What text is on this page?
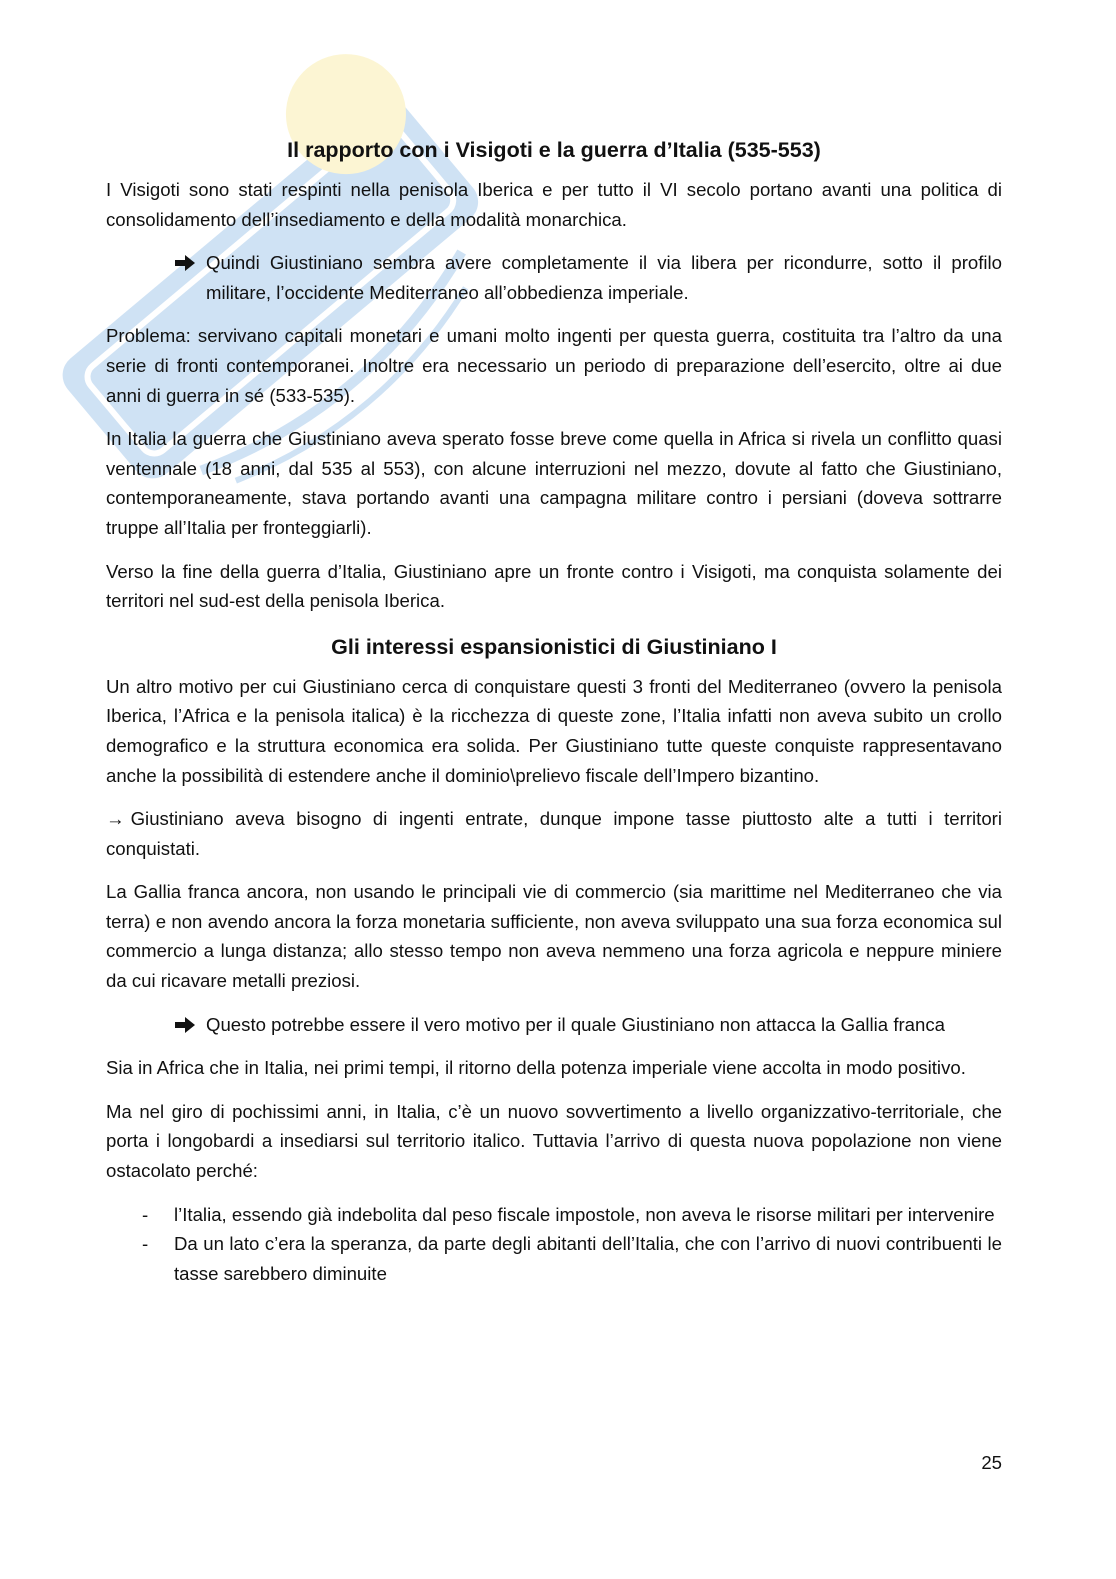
Il rapporto con i Visigoti e la guerra d’Italia (535-553)

I Visigoti sono stati respinti nella penisola Iberica e per tutto il VI secolo portano avanti una politica di consolidamento dell’insediamento e della modalità monarchica.

Quindi Giustiniano sembra avere completamente il via libera per ricondurre, sotto il profilo militare, l’occidente Mediterraneo all’obbedienza imperiale.

Problema: servivano capitali monetari e umani molto ingenti per questa guerra, costituita tra l’altro da una serie di fronti contemporanei. Inoltre era necessario un periodo di preparazione dell’esercito, oltre ai due anni di guerra in sé (533-535).

In Italia la guerra che Giustiniano aveva sperato fosse breve come quella in Africa si rivela un conflitto quasi ventennale (18 anni, dal 535 al 553), con alcune interruzioni nel mezzo, dovute al fatto che Giustiniano, contemporaneamente, stava portando avanti una campagna militare contro i persiani (doveva sottrarre truppe all’Italia per fronteggiarli).

Verso la fine della guerra d’Italia, Giustiniano apre un fronte contro i Visigoti, ma conquista solamente dei territori nel sud-est della penisola Iberica.

Gli interessi espansionistici di Giustiniano I

Un altro motivo per cui Giustiniano cerca di conquistare questi 3 fronti del Mediterraneo (ovvero la penisola Iberica, l’Africa e la penisola italica) è la ricchezza di queste zone, l’Italia infatti non aveva subito un crollo demografico e la struttura economica era solida. Per Giustiniano tutte queste conquiste rappresentavano anche la possibilità di estendere anche il dominio\prelievo fiscale dell’Impero bizantino.

→ Giustiniano aveva bisogno di ingenti entrate, dunque impone tasse piuttosto alte a tutti i territori conquistati.

La Gallia franca ancora, non usando le principali vie di commercio (sia marittime nel Mediterraneo che via terra) e non avendo ancora la forza monetaria sufficiente, non aveva sviluppato una sua forza economica sul commercio a lunga distanza; allo stesso tempo non aveva nemmeno una forza agricola e neppure miniere da cui ricavare metalli preziosi.

Questo potrebbe essere il vero motivo per il quale Giustiniano non attacca la Gallia franca

Sia in Africa che in Italia, nei primi tempi, il ritorno della potenza imperiale viene accolta in modo positivo.

Ma nel giro di pochissimi anni, in Italia, c’è un nuovo sovvertimento a livello organizzativo-territoriale, che porta i longobardi a insediarsi sul territorio italico. Tuttavia l’arrivo di questa nuova popolazione non viene ostacolato perché:

- l’Italia, essendo già indebolita dal peso fiscale impostole, non aveva le risorse militari per intervenire
- Da un lato c’era la speranza, da parte degli abitanti dell’Italia, che con l’arrivo di nuovi contribuenti le tasse sarebbero diminuite
25
